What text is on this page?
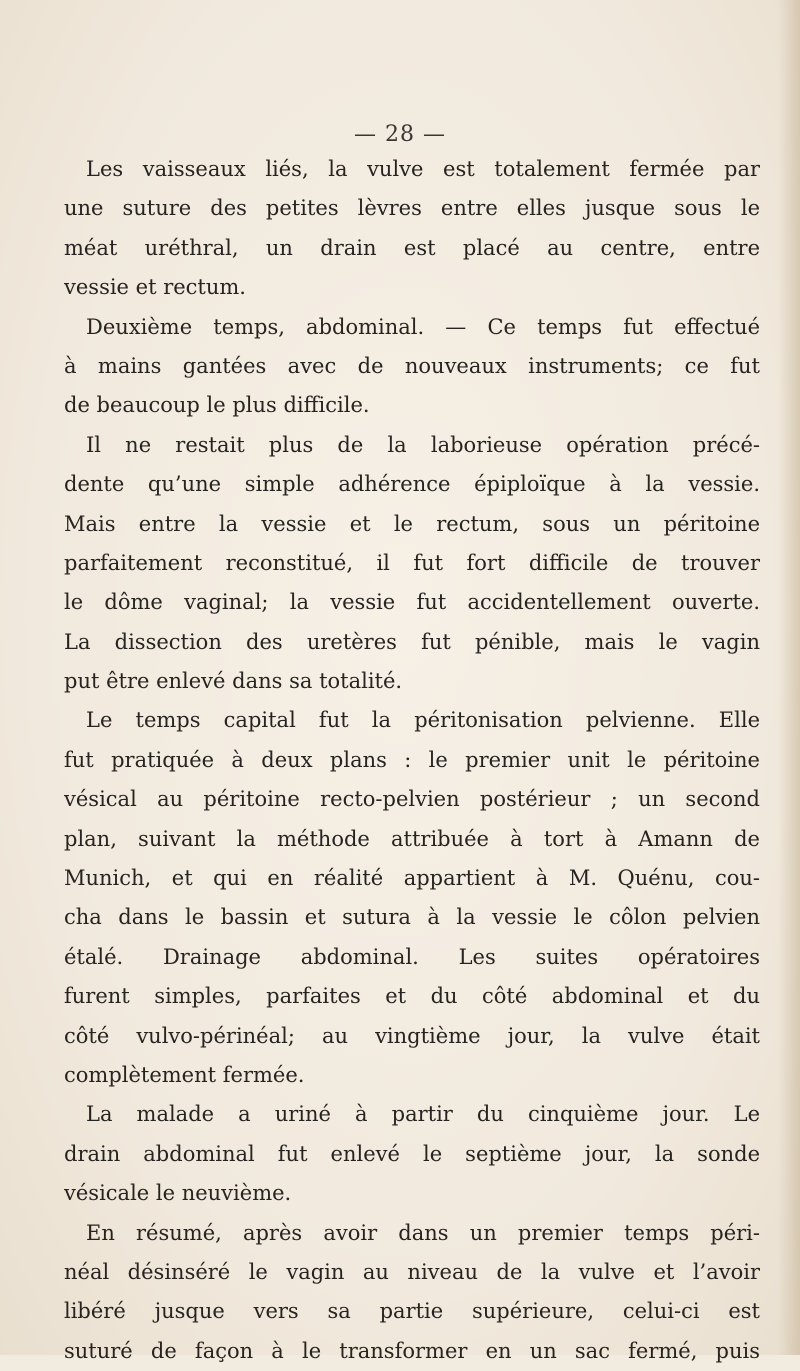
— 28 —
Les vaisseaux liés, la vulve est totalement fermée par
une suture des petites lèvres entre elles jusque sous le
méat uréthral, un drain est placé au centre, entre
vessie et rectum.
Deuxième temps, abdominal. — Ce temps fut effectué
à mains gantées avec de nouveaux instruments; ce fut
de beaucoup le plus difficile.
Il ne restait plus de la laborieuse opération précé-
dente qu’une simple adhérence épiploïque à la vessie.
Mais entre la vessie et le rectum, sous un péritoine
parfaitement reconstitué, il fut fort difficile de trouver
le dôme vaginal; la vessie fut accidentellement ouverte.
La dissection des uretères fut pénible, mais le vagin
put être enlevé dans sa totalité.
Le temps capital fut la péritonisation pelvienne. Elle
fut pratiquée à deux plans : le premier unit le péritoine
vésical au péritoine recto-pelvien postérieur ; un second
plan, suivant la méthode attribuée à tort à Amann de
Munich, et qui en réalité appartient à M. Quénu, cou-
cha dans le bassin et sutura à la vessie le côlon pelvien
étalé. Drainage abdominal. Les suites opératoires
furent simples, parfaites et du côté abdominal et du
côté vulvo-périnéal; au vingtième jour, la vulve était
complètement fermée.
La malade a uriné à partir du cinquième jour. Le
drain abdominal fut enlevé le septième jour, la sonde
vésicale le neuvième.
En résumé, après avoir dans un premier temps péri-
néal désinséré le vagin au niveau de la vulve et l’avoir
libéré jusque vers sa partie supérieure, celui-ci est
suturé de façon à le transformer en un sac fermé, puis
